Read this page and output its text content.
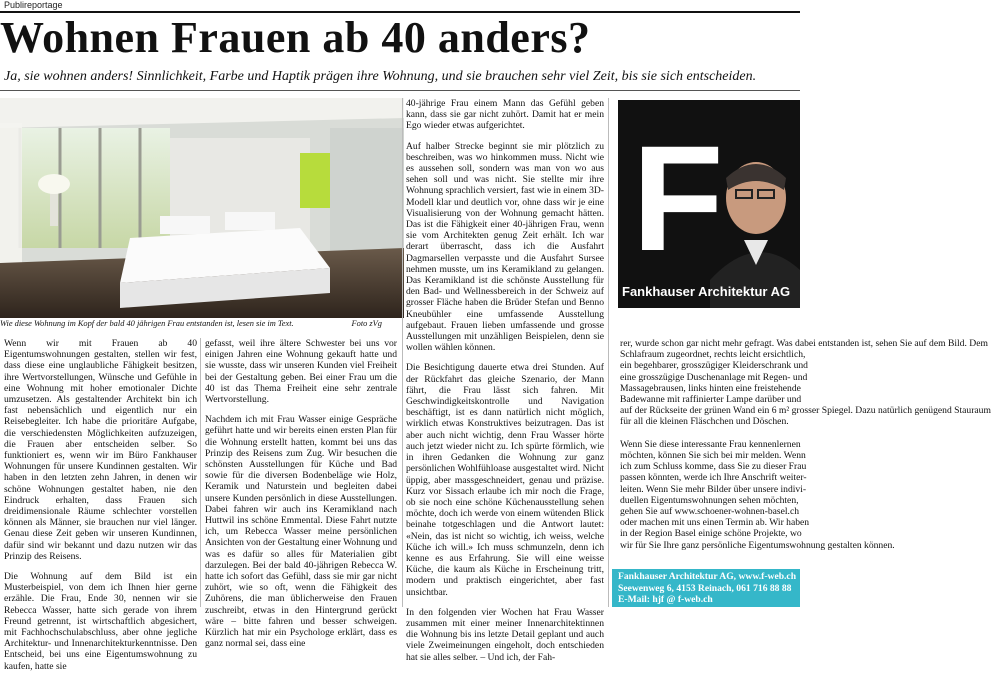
Publireportage
Wohnen Frauen ab 40 anders?
Ja, sie wohnen anders! Sinnlichkeit, Farbe und Haptik prägen ihre Wohnung, und sie brauchen sehr viel Zeit, bis sie sich entscheiden.
Wie diese Wohnung im Kopf der bald 40 jährigen Frau entstanden ist, lesen sie im Text.	Foto zVg

Wenn wir mit Frauen ab 40 Eigentumswohnungen gestalten, stellen wir fest, dass diese eine unglaubliche Fähigkeit besitzen, ihre Wertvorstellungen, Wünsche und Gefühle in eine Wohnung mit hoher emotionaler Dichte umzusetzen. Als gestaltender Architekt bin ich fast nebensächlich und eigentlich nur ein Reisebegleiter. Ich habe die prioritäre Aufgabe, die verschiedensten Möglichkeiten aufzuzeigen, die Frauen aber entscheiden selber. So funktioniert es, wenn wir im Büro Fankhauser Wohnungen für unsere Kundinnen gestalten. Wir haben in den letzten zehn Jahren, in denen wir schöne Wohnungen gestaltet haben, nie den Eindruck erhalten, dass Frauen sich dreidimensionale Räume schlechter vorstellen können als Männer, sie brauchen nur viel länger. Genau diese Zeit geben wir unseren Kundinnen, dafür sind wir bekannt und dazu nutzen wir das Prinzip des Reisens.

Die Wohnung auf dem Bild ist ein Musterbeispiel, von dem ich Ihnen hier gerne erzähle. Die Frau, Ende 30, nennen wir sie Rebecca Wasser, hatte sich gerade von ihrem Freund getrennt, ist wirtschaftlich abgesichert, mit Fachhochschulabschluss, aber ohne jegliche Architektur- und Innenarchitekturkenntnisse. Den Entscheid, bei uns eine Eigentumswohnung zu kaufen, hatte sie

gefasst, weil ihre ältere Schwester bei uns vor einigen Jahren eine Wohnung gekauft hatte und sie wusste, dass wir unseren Kunden viel Freiheit bei der Gestaltung geben. Bei einer Frau um die 40 ist das Thema Freiheit eine sehr zentrale Wertvorstellung.

Nachdem ich mit Frau Wasser einige Gespräche geführt hatte und wir bereits einen ersten Plan für die Wohnung erstellt hatten, kommt bei uns das Prinzip des Reisens zum Zug. Wir besuchen die schönsten Ausstellungen für Küche und Bad sowie für die diversen Bodenbeläge wie Holz, Keramik und Naturstein und begleiten dabei unsere Kunden persönlich in diese Ausstellungen. Dabei fahren wir auch ins Keramikland nach Huttwil ins schöne Emmental. Diese Fahrt nutzte ich, um Rebecca Wasser meine persönlichen Ansichten von der Gestaltung einer Wohnung und was es dafür so alles für Materialien gibt darzulegen. Bei der bald 40-jährigen Rebecca W. hatte ich sofort das Gefühl, dass sie mir gar nicht zuhört, wie so oft, wenn die Fähigkeit des Zuhörens, die man üblicherweise den Frauen zuschreibt, etwas in den Hintergrund gerückt wäre – bitte fahren und besser schweigen. Kürzlich hat mir ein Psychologe erklärt, dass es ganz normal sei, dass eine

40-jährige Frau einem Mann das Gefühl geben kann, dass sie gar nicht zuhört. Damit hat er mein Ego wieder etwas aufgerichtet.

Auf halber Strecke beginnt sie mir plötzlich zu beschreiben, was wo hinkommen muss. Nicht wie es aussehen soll, sondern was man von wo aus sehen soll und was nicht. Sie stellte mir ihre Wohnung sprachlich versiert, fast wie in einem 3D-Modell klar und deutlich vor, ohne dass wir je eine Visualisierung von der Wohnung gemacht hätten. Das ist die Fähigkeit einer 40-jährigen Frau, wenn sie vom Architekten genug Zeit erhält. Ich war derart überrascht, dass ich die Ausfahrt Dagmarsellen verpasste und die Ausfahrt Sursee nehmen musste, um ins Keramikland zu gelangen. Das Keramikland ist die schönste Ausstellung für den Bad- und Wellnessbereich in der Schweiz auf grosser Fläche haben die Brüder Stefan und Benno Kneubühler eine umfassende Ausstellung aufgebaut. Frauen lieben umfassende und grosse Ausstellungen mit unzähligen Beispielen, denn sie wollen wählen können.

Die Besichtigung dauerte etwa drei Stunden. Auf der Rückfahrt das gleiche Szenario, der Mann fährt, die Frau lässt sich fahren. Mit Geschwindigkeitskontrolle und Navigation beschäftigt, ist es dann natürlich nicht möglich, wirklich etwas Konstruktives beizutragen. Das ist aber auch nicht wichtig, denn Frau Wasser hörte auch jetzt wieder nicht zu. Ich spürte förmlich, wie in ihren Gedanken die Wohnung zur ganz persönlichen Wohlfühloase ausgestaltet wird. Nicht üppig, aber massgeschneidert, genau und präzise. Kurz vor Sissach erlaube ich mir noch die Frage, ob sie noch eine schöne Küchenausstellung sehen möchte, doch ich werde von einem wütenden Blick beinahe totgeschlagen und die Antwort lautet: «Nein, das ist nicht so wichtig, ich weiss, welche Küche ich will.» Ich muss schmunzeln, denn ich kenne es aus Erfahrung. Sie will eine weisse Küche, die kaum als Küche in Erscheinung tritt, modern und praktisch eingerichtet, aber fast unsichtbar.

In den folgenden vier Wochen hat Frau Wasser zusammen mit einer meiner Innenarchitektinnen die Wohnung bis ins letzte Detail geplant und auch viele Zweimeinungen eingeholt, doch entschieden hat sie alles selber. – Und ich, der Fah-

F
Fankhauser Architektur AG
rer, wurde schon gar nicht mehr gefragt. Was dabei entstanden ist, sehen Sie auf dem Bild. Dem
Schlafraum zugeordnet, rechts leicht ersichtlich,
ein begehbarer, grosszügiger Kleiderschrank und
eine grosszügige Duschenanlage mit Regen- und
Massagebrausen, links hinten eine freistehende
Badewanne mit raffinierter Lampe darüber und
auf der Rückseite der grünen Wand ein 6 m² grosser Spiegel. Dazu natürlich genügend Stauraum
für all die kleinen Fläschchen und Döschen.
Wenn Sie diese interessante Frau kennenlernen
möchten, können Sie sich bei mir melden. Wenn
ich zum Schluss komme, dass Sie zu dieser Frau
passen könnten, werde ich Ihre Anschrift weiter-
leiten. Wenn Sie mehr Bilder über unsere indivi-
duellen Eigentumswohnungen sehen möchten,
gehen Sie auf www.schoener-wohnen-basel.ch
oder machen mit uns einen Termin ab. Wir haben
in der Region Basel einige schöne Projekte, wo
wir für Sie Ihre ganz persönliche Eigentumswohnung gestalten können.
Fankhauser Architektur AG, www.f-web.ch
Seewenweg 6, 4153 Reinach, 061 716 88 88
E-Mail: hjf @ f-web.ch
